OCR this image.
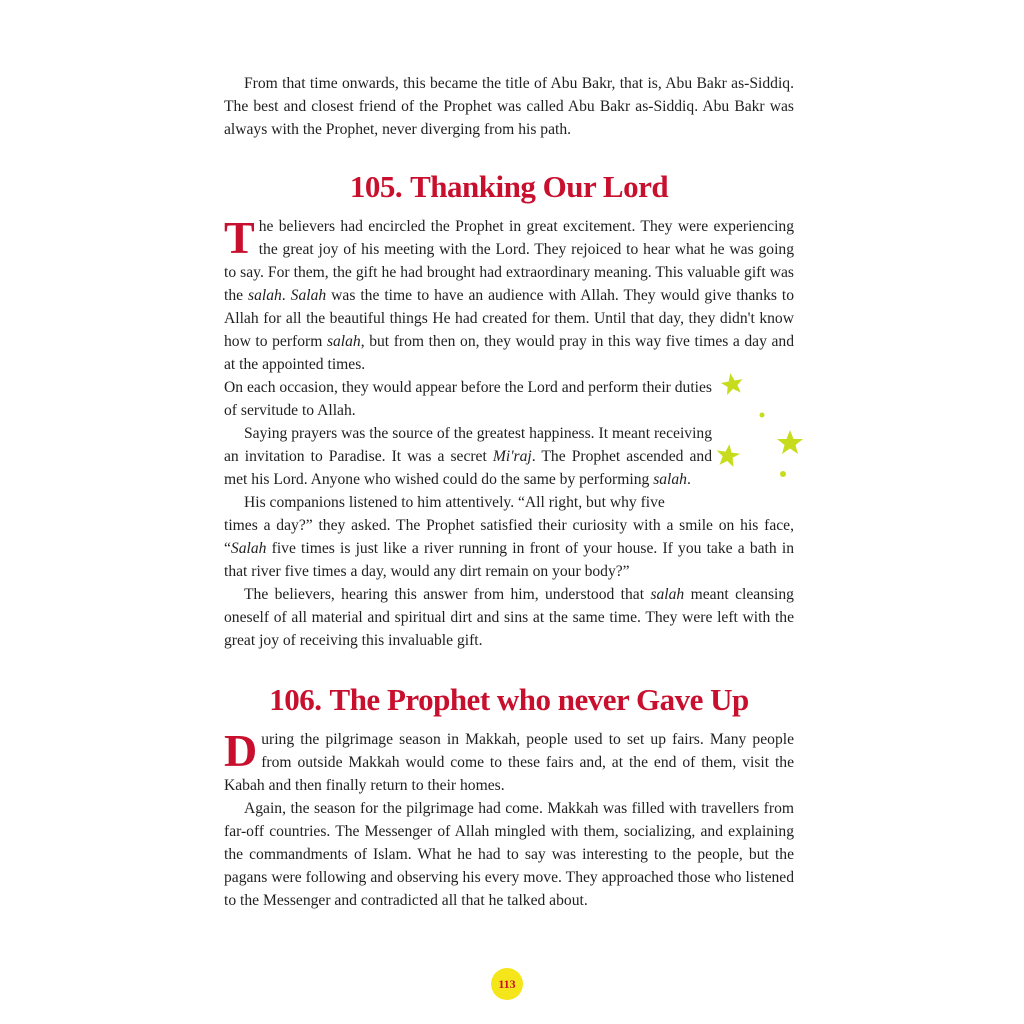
From that time onwards, this became the title of Abu Bakr, that is, Abu Bakr as-Siddiq. The best and closest friend of the Prophet was called Abu Bakr as-Siddiq. Abu Bakr was always with the Prophet, never diverging from his path.

105. Thanking Our Lord

The believers had encircled the Prophet in great excitement. They were experiencing the great joy of his meeting with the Lord. They rejoiced to hear what he was going to say. For them, the gift he had brought had extraordinary meaning. This valuable gift was the salah. Salah was the time to have an audience with Allah. They would give thanks to Allah for all the beautiful things He had created for them. Until that day, they didn't know how to perform salah, but from then on, they would pray in this way five times a day and at the appointed times.

On each occasion, they would appear before the Lord and perform their duties of servitude to Allah.

Saying prayers was the source of the greatest happiness. It meant receiving an invitation to Paradise. It was a secret Mi'raj. The Prophet ascended and met his Lord. Anyone who wished could do the same by performing salah.

His companions listened to him attentively. “All right, but why five

times a day?” they asked. The Prophet satisfied their curiosity with a smile on his face, “Salah five times is just like a river running in front of your house. If you take a bath in that river five times a day, would any dirt remain on your body?”

The believers, hearing this answer from him, understood that salah meant cleansing oneself of all material and spiritual dirt and sins at the same time. They were left with the great joy of receiving this invaluable gift.

106. The Prophet who never Gave Up

During the pilgrimage season in Makkah, people used to set up fairs. Many people from outside Makkah would come to these fairs and, at the end of them, visit the Kabah and then finally return to their homes.

Again, the season for the pilgrimage had come. Makkah was filled with travellers from far-off countries. The Messenger of Allah mingled with them, socializing, and explaining the commandments of Islam. What he had to say was interesting to the people, but the pagans were following and observing his every move. They approached those who listened to the Messenger and contradicted all that he talked about.

113
